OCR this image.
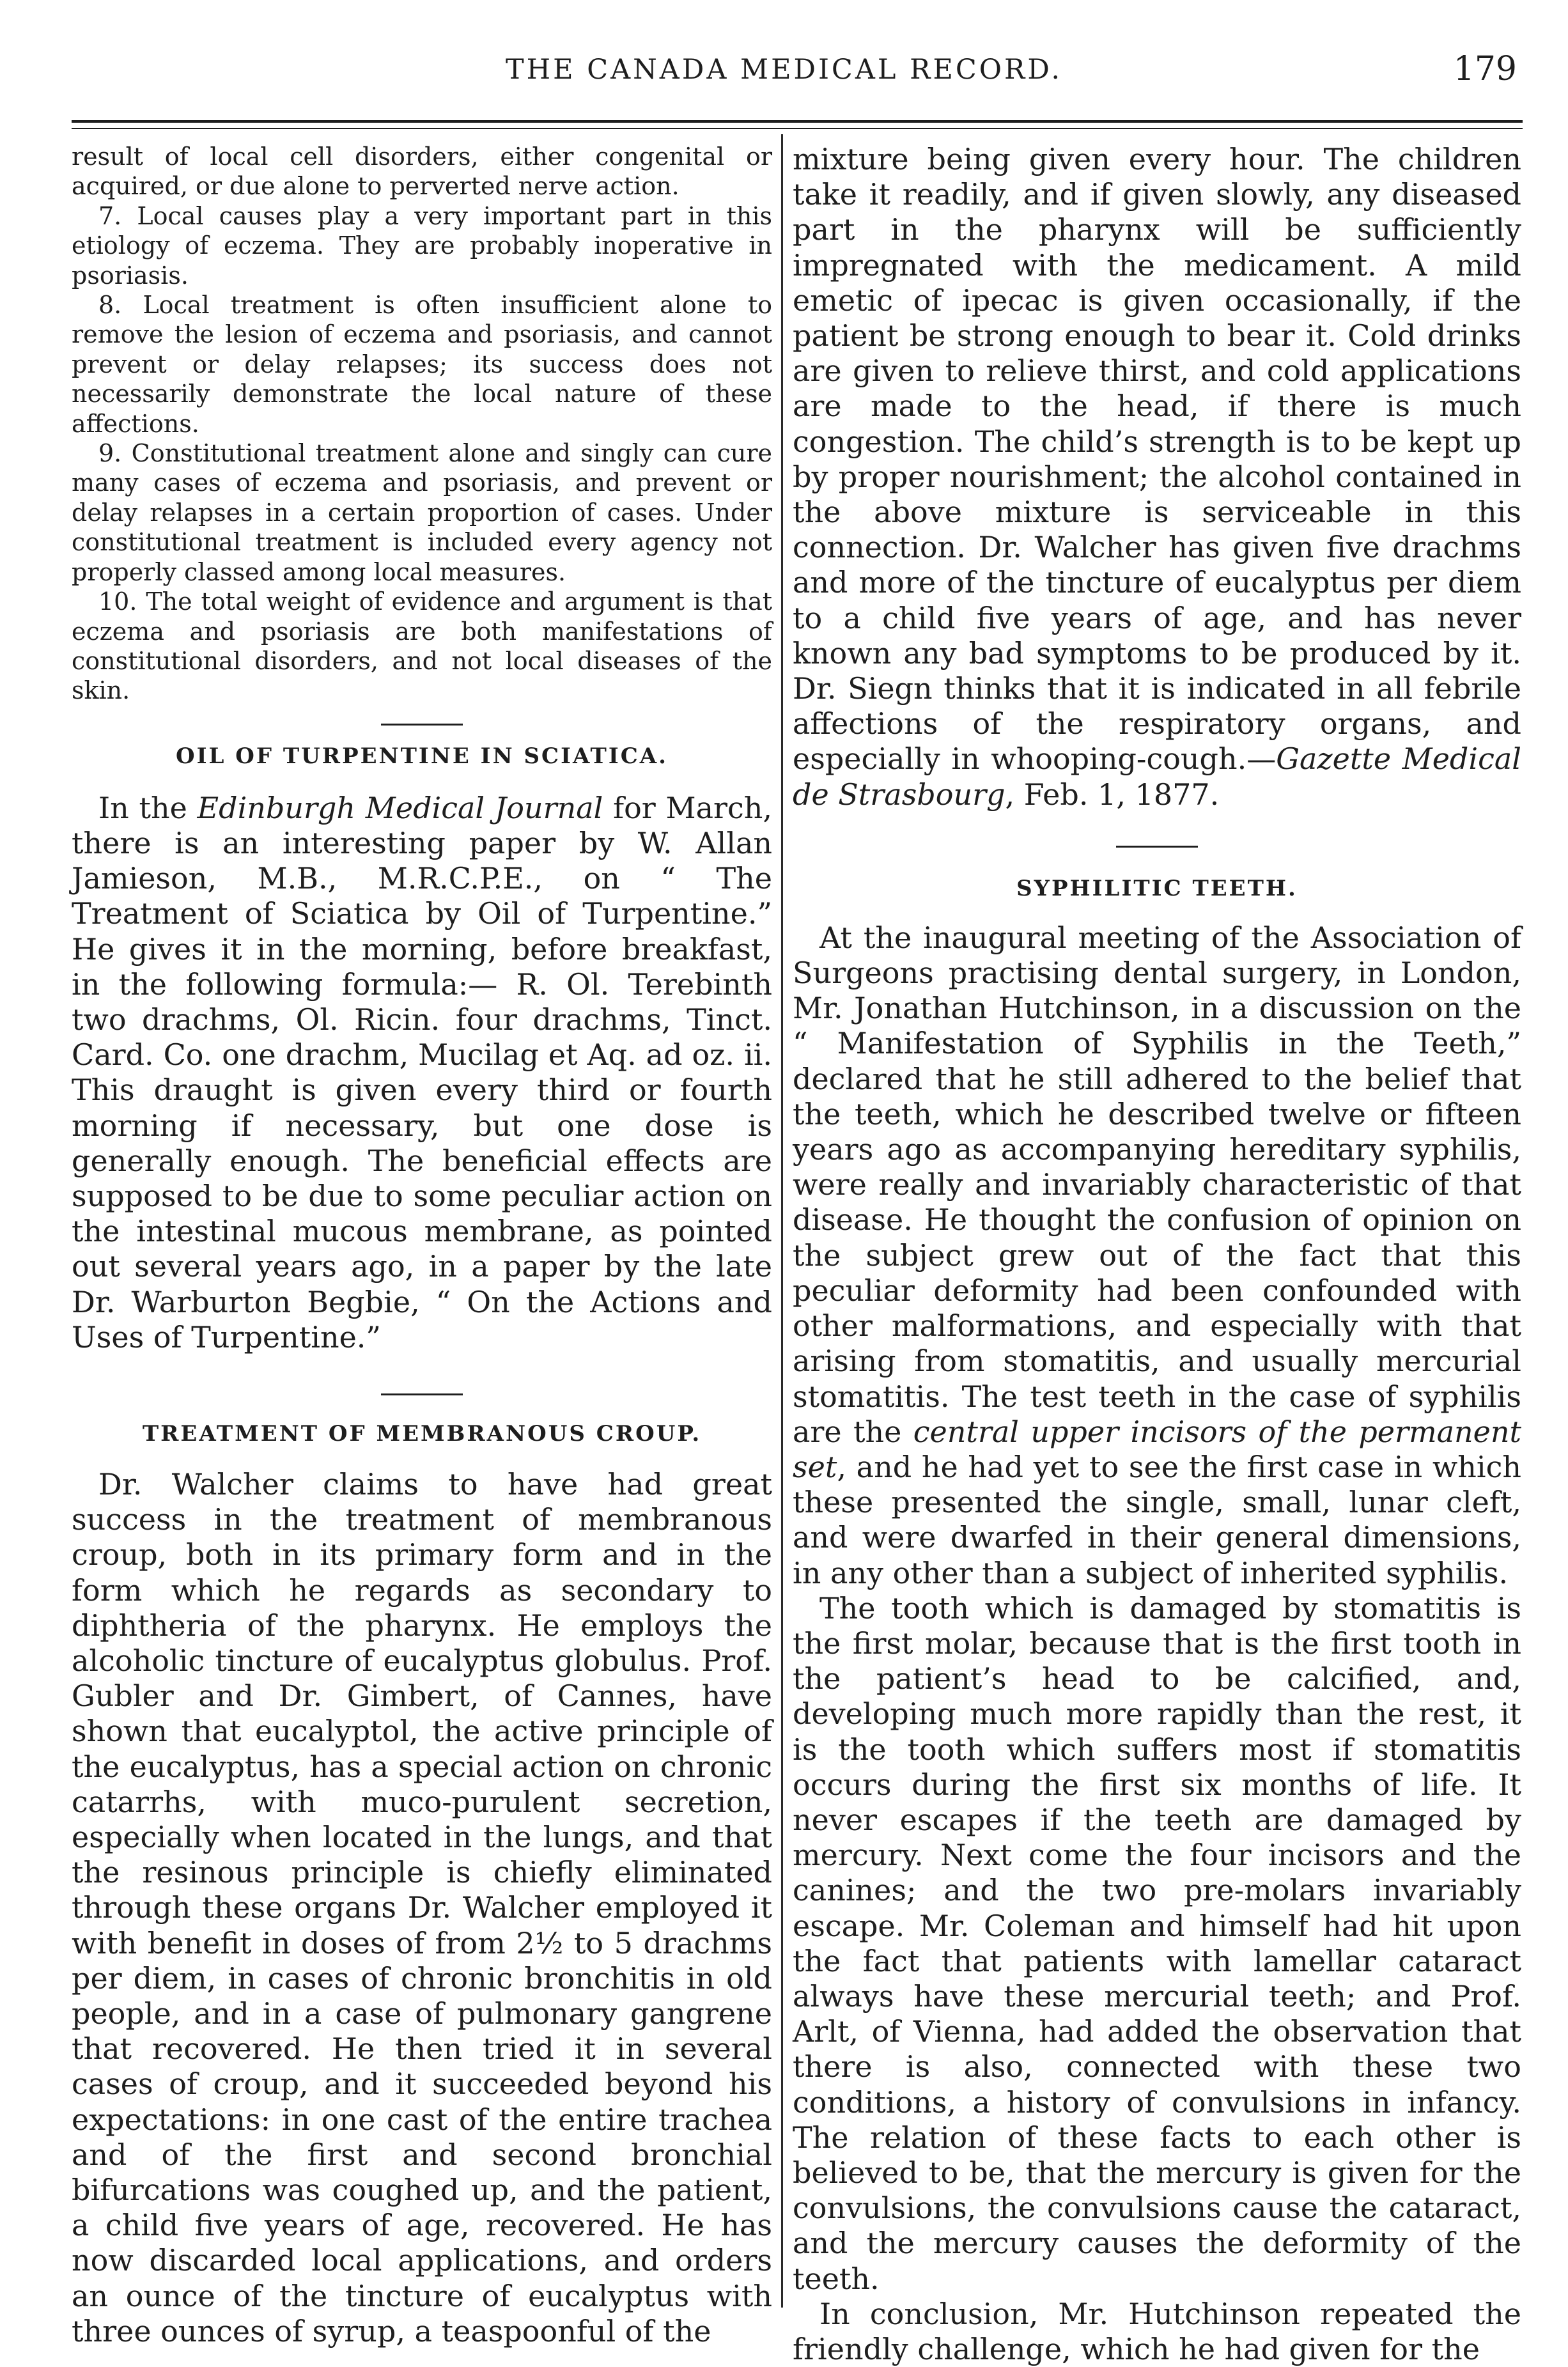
THE CANADA MEDICAL RECORD.	179

result of local cell disorders, either congenital or acquired, or due alone to perverted nerve action.

7. Local causes play a very important part in this etiology of eczema. They are probably inoperative in psoriasis.

8. Local treatment is often insufficient alone to remove the lesion of eczema and psoriasis, and cannot prevent or delay relapses; its success does not necessarily demonstrate the local nature of these affections.

9. Constitutional treatment alone and singly can cure many cases of eczema and psoriasis, and prevent or delay relapses in a certain proportion of cases. Under constitutional treatment is included every agency not properly classed among local measures.

10. The total weight of evidence and argument is that eczema and psoriasis are both manifestations of constitutional disorders, and not local diseases of the skin.

OIL OF TURPENTINE IN SCIATICA.

In the Edinburgh Medical Journal for March, there is an interesting paper by W. Allan Jamieson, M.B., M.R.C.P.E., on “ The Treatment of Sciatica by Oil of Turpentine.” He gives it in the morning, before breakfast, in the following formula:— R. Ol. Terebinth two drachms, Ol. Ricin. four drachms, Tinct. Card. Co. one drachm, Mucilag et Aq. ad oz. ii. This draught is given every third or fourth morning if necessary, but one dose is generally enough. The beneficial effects are supposed to be due to some peculiar action on the intestinal mucous membrane, as pointed out several years ago, in a paper by the late Dr. Warburton Begbie, “ On the Actions and Uses of Turpentine.”

TREATMENT OF MEMBRANOUS CROUP.

Dr. Walcher claims to have had great success in the treatment of membranous croup, both in its primary form and in the form which he regards as secondary to diphtheria of the pharynx. He employs the alcoholic tincture of eucalyptus globulus. Prof. Gubler and Dr. Gimbert, of Cannes, have shown that eucalyptol, the active principle of the eucalyptus, has a special action on chronic catarrhs, with muco-purulent secretion, especially when located in the lungs, and that the resinous principle is chiefly eliminated through these organs Dr. Walcher employed it with benefit in doses of from 2½ to 5 drachms per diem, in cases of chronic bronchitis in old people, and in a case of pulmonary gangrene that recovered. He then tried it in several cases of croup, and it succeeded beyond his expectations: in one cast of the entire trachea and of the first and second bronchial bifurcations was coughed up, and the patient, a child five years of age, recovered. He has now discarded local applications, and orders an ounce of the tincture of eucalyptus with three ounces of syrup, a teaspoonful of the

mixture being given every hour. The children take it readily, and if given slowly, any diseased part in the pharynx will be sufficiently impregnated with the medicament. A mild emetic of ipecac is given occasionally, if the patient be strong enough to bear it. Cold drinks are given to relieve thirst, and cold applications are made to the head, if there is much congestion. The child’s strength is to be kept up by proper nourishment; the alcohol contained in the above mixture is serviceable in this connection. Dr. Walcher has given five drachms and more of the tincture of eucalyptus per diem to a child five years of age, and has never known any bad symptoms to be produced by it. Dr. Siegn thinks that it is indicated in all febrile affections of the respiratory organs, and especially in whooping-cough.—Gazette Medical de Strasbourg, Feb. 1, 1877.

SYPHILITIC TEETH.

At the inaugural meeting of the Association of Surgeons practising dental surgery, in London, Mr. Jonathan Hutchinson, in a discussion on the “ Manifestation of Syphilis in the Teeth,” declared that he still adhered to the belief that the teeth, which he described twelve or fifteen years ago as accompanying hereditary syphilis, were really and invariably characteristic of that disease. He thought the confusion of opinion on the subject grew out of the fact that this peculiar deformity had been confounded with other malformations, and especially with that arising from stomatitis, and usually mercurial stomatitis. The test teeth in the case of syphilis are the central upper incisors of the permanent set, and he had yet to see the first case in which these presented the single, small, lunar cleft, and were dwarfed in their general dimensions, in any other than a subject of inherited syphilis.

The tooth which is damaged by stomatitis is the first molar, because that is the first tooth in the patient’s head to be calcified, and, developing much more rapidly than the rest, it is the tooth which suffers most if stomatitis occurs during the first six months of life. It never escapes if the teeth are damaged by mercury. Next come the four incisors and the canines; and the two pre-molars invariably escape. Mr. Coleman and himself had hit upon the fact that patients with lamellar cataract always have these mercurial teeth; and Prof. Arlt, of Vienna, had added the observation that there is also, connected with these two conditions, a history of convulsions in infancy. The relation of these facts to each other is believed to be, that the mercury is given for the convulsions, the convulsions cause the cataract, and the mercury causes the deformity of the teeth.

In conclusion, Mr. Hutchinson repeated the friendly challenge, which he had given for the
